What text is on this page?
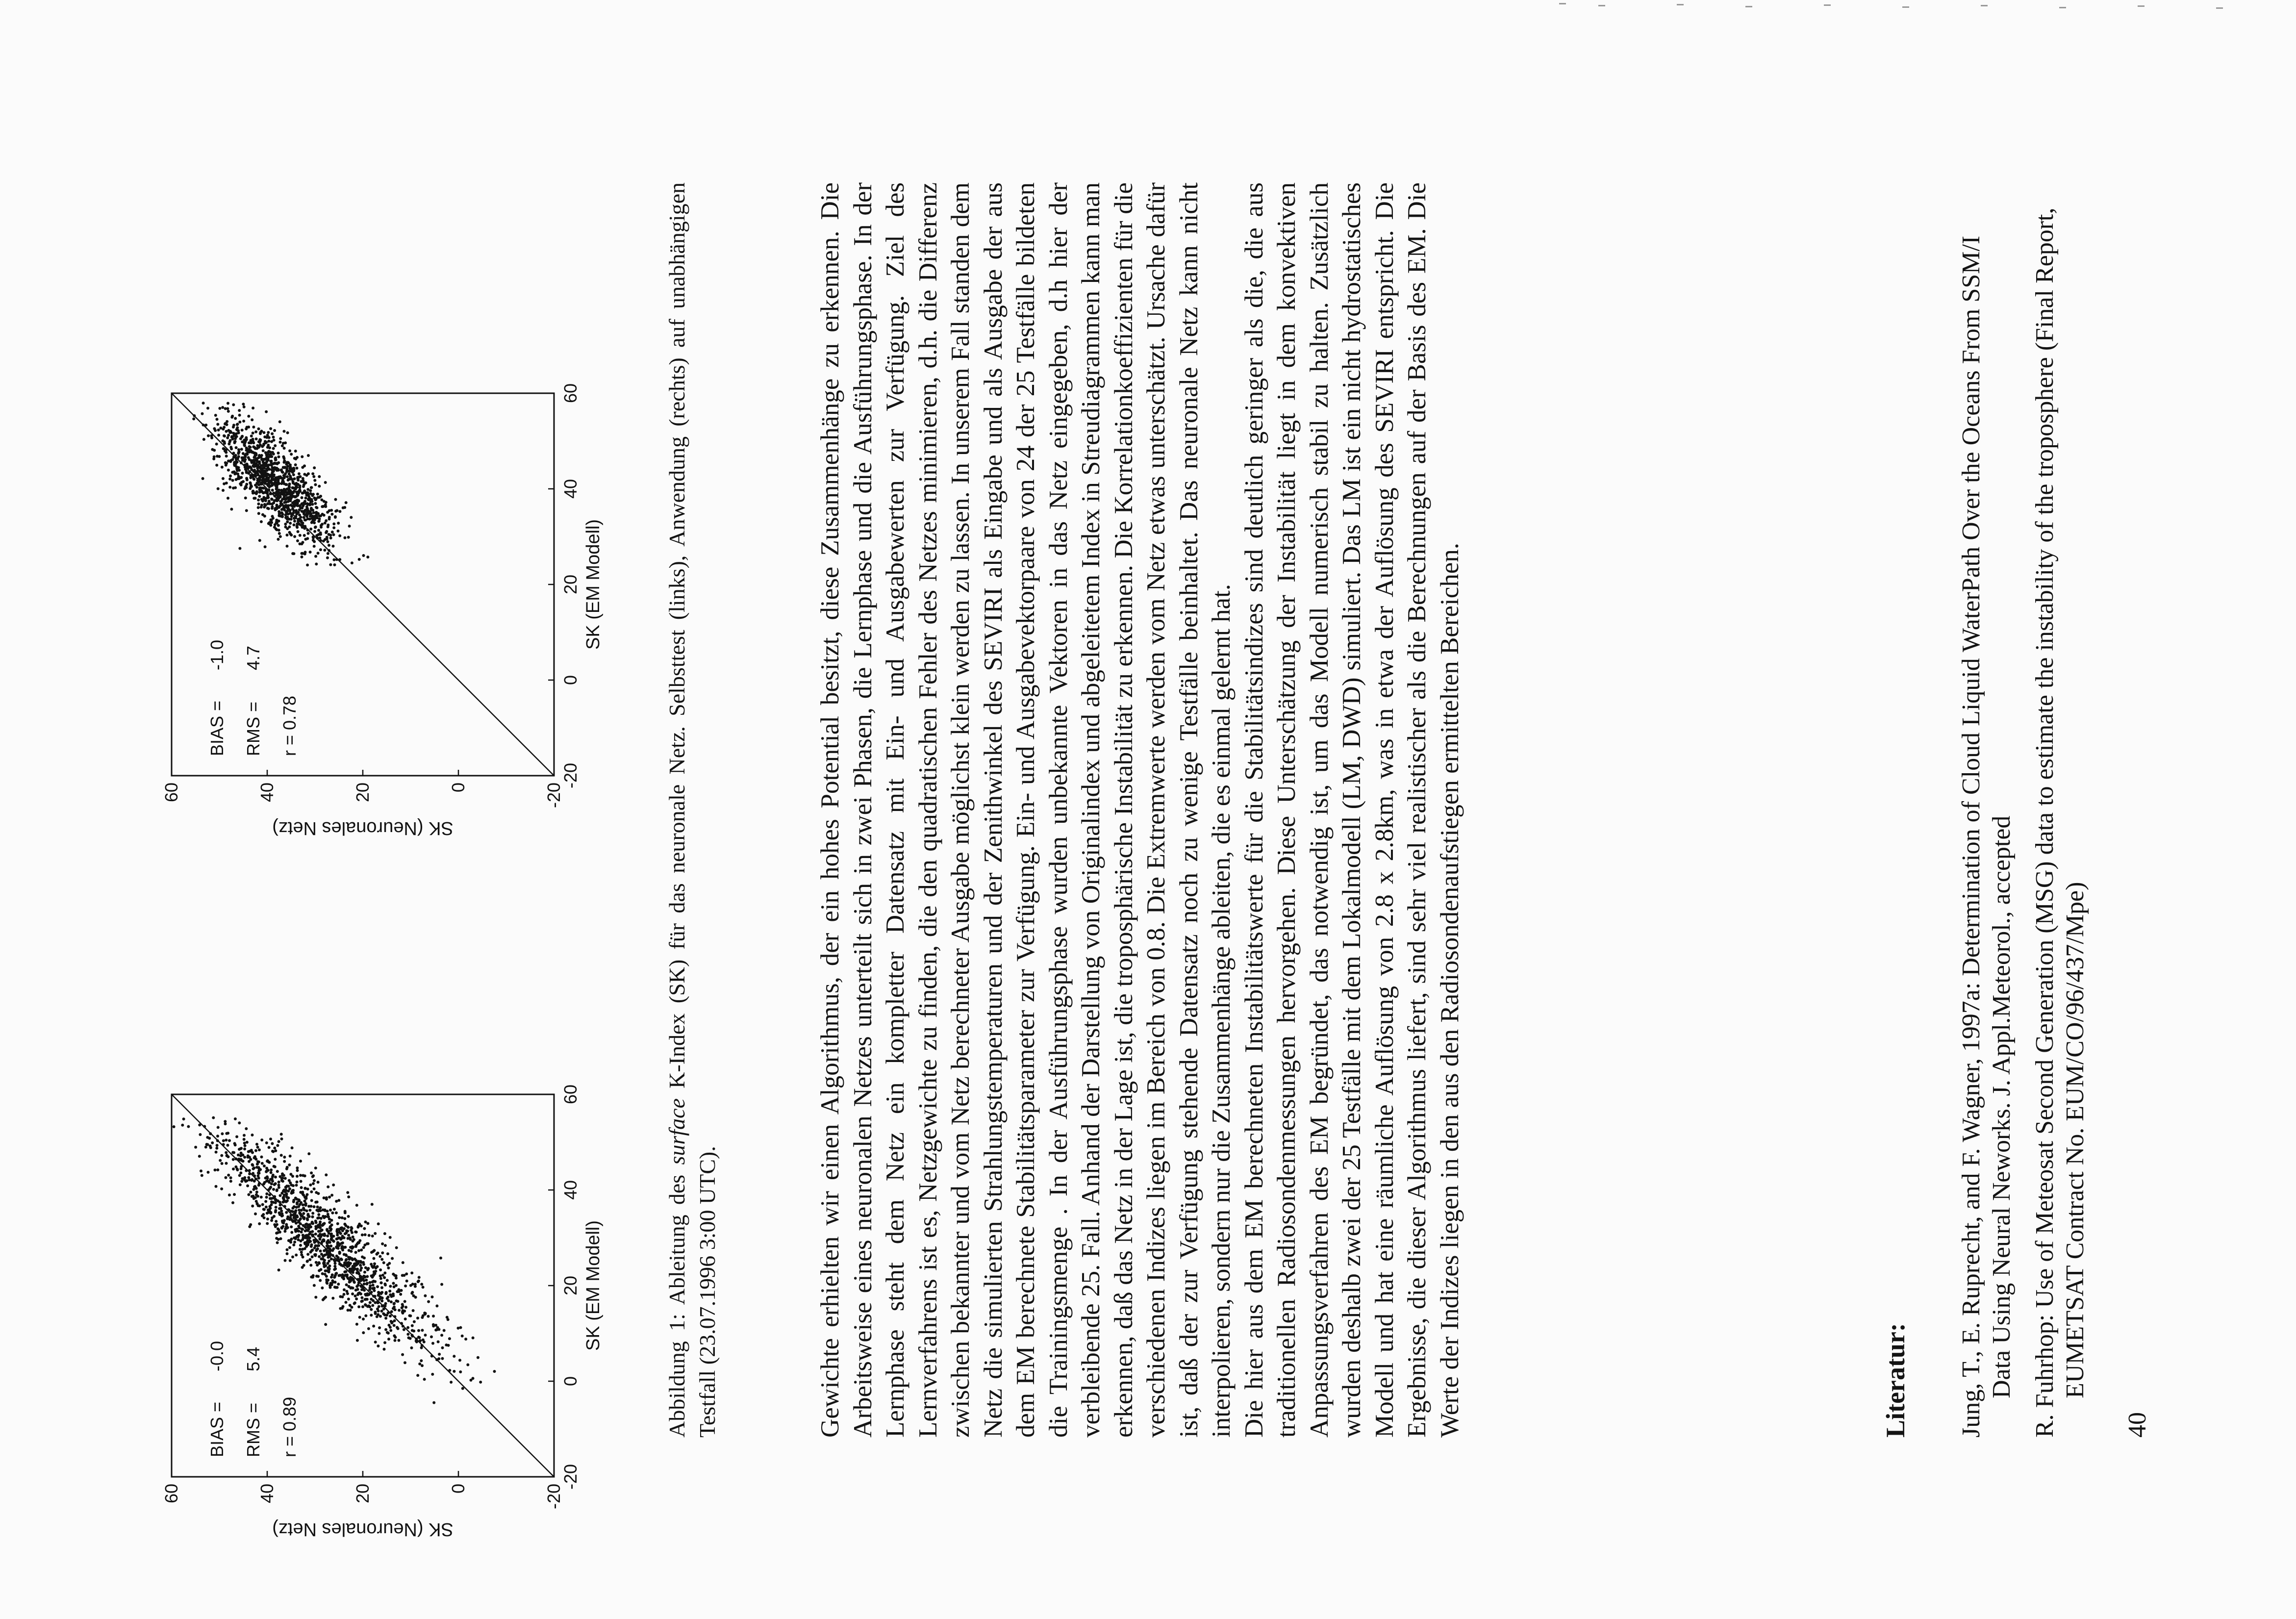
-20
0
20
40
60
-20
0
20
40
60
SK (EM Modell)
SK (Neuronales Netz)
BIAS =
-0.0
RMS =
5.4
r = 0.89
-20
0
20
40
60
-20
0
20
40
60
SK (EM Modell)
SK (Neuronales Netz)
BIAS =
-1.0
RMS =
4.7
r = 0.78
Abbildung 1: Ableitung des surface K-Index (SK) für das neuronale Netz. Selbsttest (links), Anwendung (rechts) auf unabhängigen Testfall (23.07.1996 3:00 UTC).	Gewichte erhielten wir einen Algorithmus, der ein hohes Potential besitzt, diese Zusammenhänge zu erkennen. Die Arbeitsweise eines neuronalen Netzes unterteilt sich in zwei Phasen, die Lernphase und die Ausführungsphase. In der Lernphase steht dem Netz ein kompletter Datensatz mit Ein- und Ausgabewerten zur Verfügung. Ziel des Lernverfahrens ist es, Netzgewichte zu finden, die den quadratischen Fehler des Netzes minimieren, d.h. die Differenz zwischen bekannter und vom Netz berechneter Ausgabe möglichst klein werden zu lassen. In unserem Fall standen dem Netz die simulierten Strahlungstemperaturen und der Zenithwinkel des SEVIRI als Eingabe und als Ausgabe der aus dem EM berechnete Stabilitätsparameter zur Verfügung. Ein- und Ausgabevektorpaare von 24 der 25 Testfälle bildeten die Trainingsmenge . In der Ausführungsphase wurden unbekannte Vektoren in das Netz eingegeben, d.h hier der verbleibende 25. Fall. Anhand der Darstellung von Originalindex und abgeleitetem Index in Streudiagrammen kann man erkennen, daß das Netz in der Lage ist, die troposphärische Instabilität zu erkennen. Die Korrelationkoeffizienten für die verschiedenen Indizes liegen im Bereich von 0.8. Die Extremwerte werden vom Netz etwas unterschätzt. Ursache dafür ist, daß der zur Verfügung stehende Datensatz noch zu wenige Testfälle beinhaltet. Das neuronale Netz kann nicht interpolieren, sondern nur die Zusammenhänge ableiten, die es einmal gelernt hat. Die hier aus dem EM berechneten Instabilitätswerte für die Stabilitätsindizes sind deutlich geringer als die, die aus traditionellen Radiosondenmessungen hervorgehen. Diese Unterschätzung der Instabilität liegt in dem konvektiven Anpassungsverfahren des EM begründet, das notwendig ist, um das Modell numerisch stabil zu halten. Zusätzlich wurden deshalb zwei der 25 Testfälle mit dem Lokalmodell (LM, DWD) simuliert. Das LM ist ein nicht hydrostatisches Modell und hat eine räumliche Auflösung von 2.8 x 2.8km, was in etwa der Auflösung des SEVIRI entspricht. Die Ergebnisse, die dieser Algorithmus liefert, sind sehr viel realistischer als die Berechnungen auf der Basis des EM. Die Werte der Indizes liegen in den aus den Radiosondenaufstiegen ermittelten Bereichen.	Literatur: Jung, T., E. Ruprecht, and F. Wagner, 1997a: Determination of Cloud Liquid WaterPath Over the Oceans From SSM/I Data Using Neural Neworks. J. Appl.Meteorol., accepted R. Fuhrhop: Use of Meteosat Second Generation (MSG) data to estimate the instability of the troposphere (Final Report, EUMETSAT Contract No. EUM/CO/96/437/Mpe)
40
